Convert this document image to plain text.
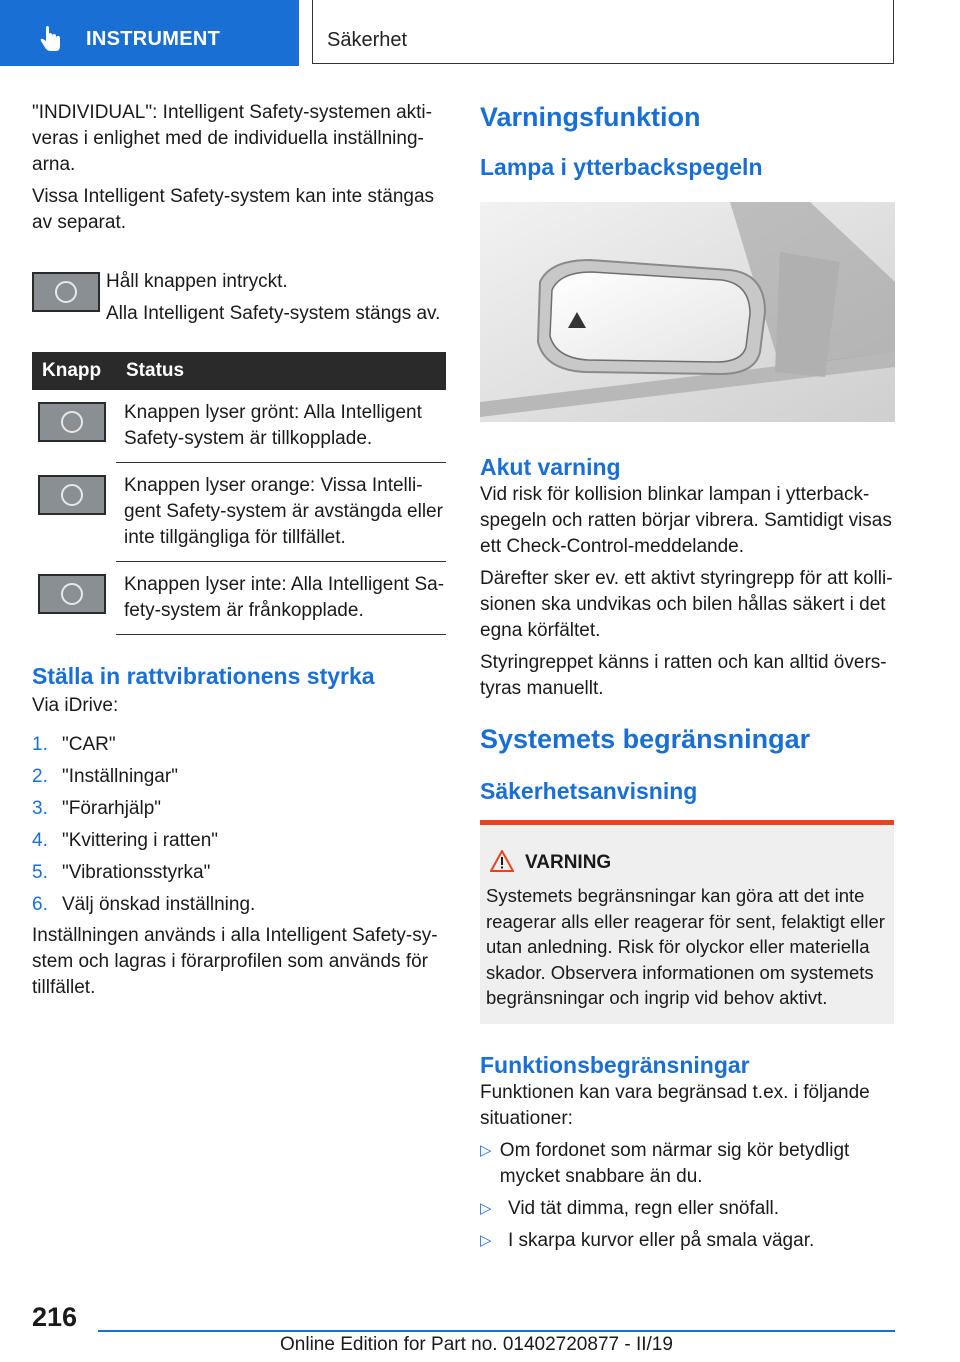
INSTRUMENT	Säkerhet

"INDIVIDUAL": Intelligent Safety-systemen aktiveras i enlighet med de individuella inställningarna.

Vissa Intelligent Safety-system kan inte stängas av separat.

Håll knappen intryckt.

Alla Intelligent Safety-system stängs av.

Knapp	Status

	Knappen lyser grönt: Alla Intelligent Safety-system är tillkopplade.

	Knappen lyser orange: Vissa Intelligent Safety-system är avstängda eller inte tillgängliga för tillfället.

	Knappen lyser inte: Alla Intelligent Safety-system är frånkopplade.

Ställa in rattvibrationens styrka

Via iDrive:

1. "CAR"
2. "Inställningar"
3. "Förarhjälp"
4. "Kvittering i ratten"
5. "Vibrationsstyrka"
6. Välj önskad inställning.

Inställningen används i alla Intelligent Safety-system och lagras i förarprofilen som används för tillfället.

Varningsfunktion

Lampa i ytterbackspegeln

Akut varning

Vid risk för kollision blinkar lampan i ytterbackspegeln och ratten börjar vibrera. Samtidigt visas ett Check-Control-meddelande.

Därefter sker ev. ett aktivt styringrepp för att kollisionen ska undvikas och bilen hållas säkert i det egna körfältet.

Styringreppet känns i ratten och kan alltid överstyras manuellt.

Systemets begränsningar

Säkerhetsanvisning

VARNING

Systemets begränsningar kan göra att det inte reagerar alls eller reagerar för sent, felaktigt eller utan anledning. Risk för olyckor eller materiella skador. Observera informationen om systemets begränsningar och ingrip vid behov aktivt.

Funktionsbegränsningar

Funktionen kan vara begränsad t.ex. i följande situationer:

▷ Om fordonet som närmar sig kör betydligt mycket snabbare än du.
▷ Vid tät dimma, regn eller snöfall.
▷ I skarpa kurvor eller på smala vägar.
216
Online Edition for Part no. 01402720877 - II/19
